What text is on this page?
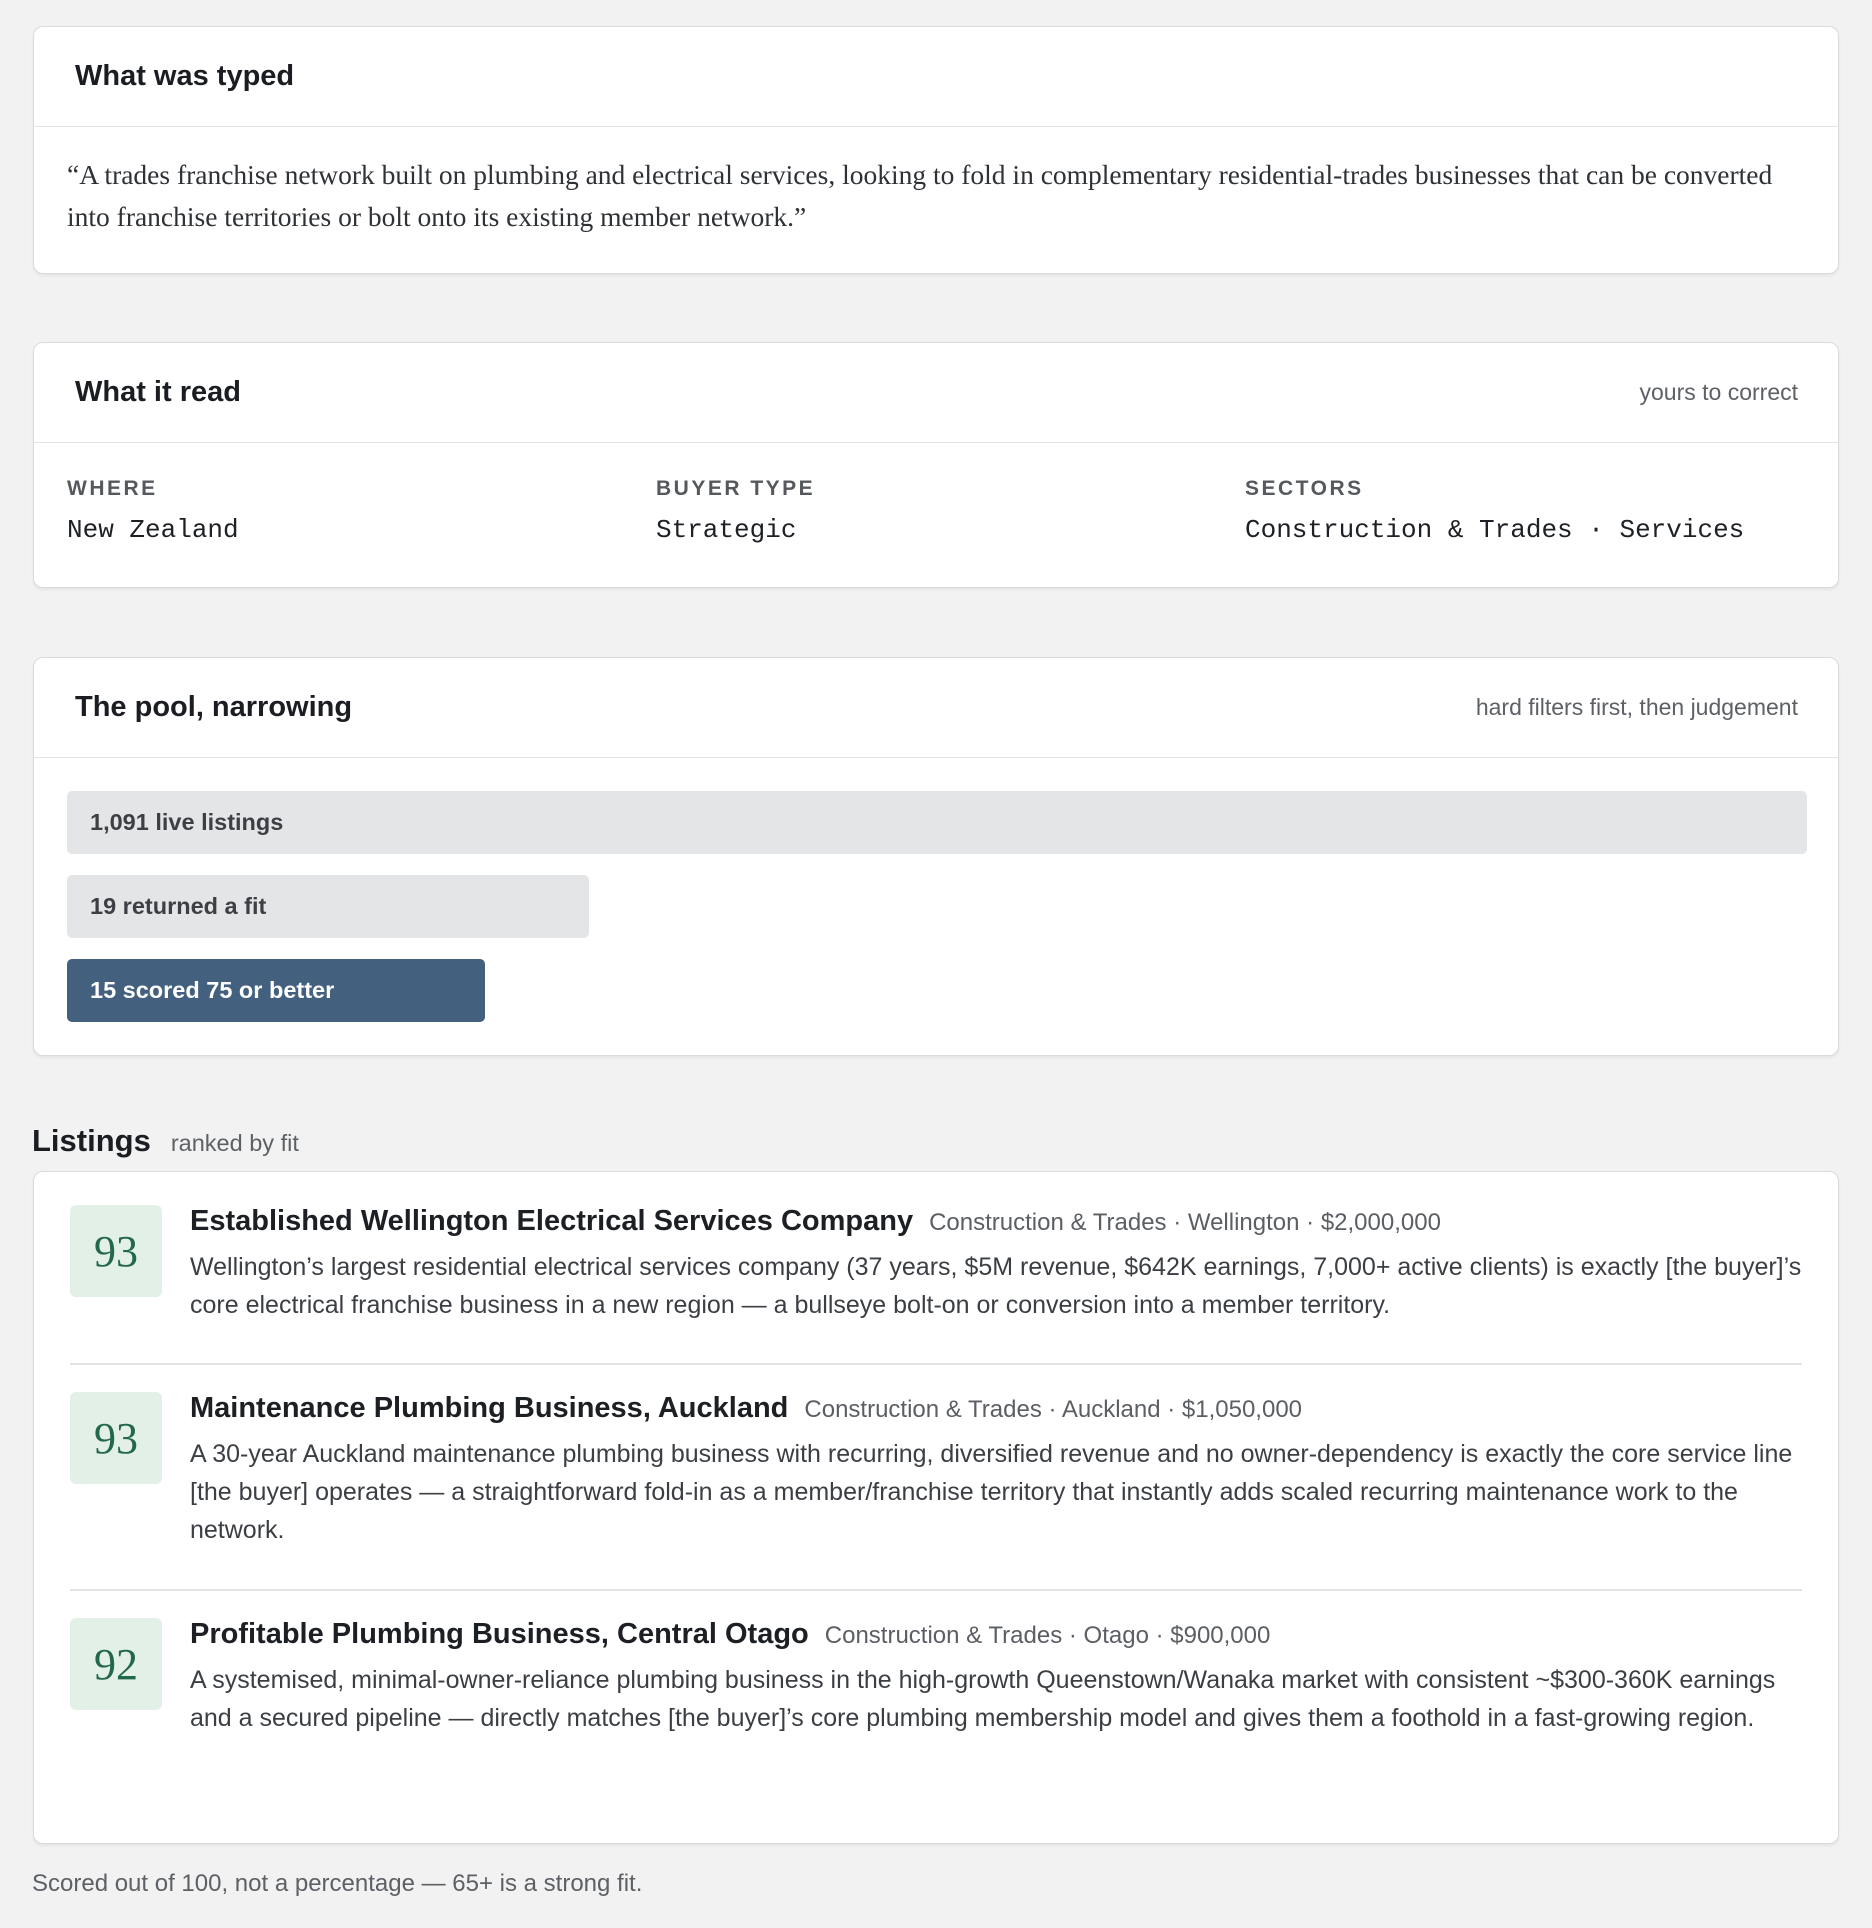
What was typed
“A trades franchise network built on plumbing and electrical services, looking to fold in complementary residential-trades businesses that can be converted into franchise territories or bolt onto its existing member network.”
What it read	yours to correct
WHERE
New Zealand
BUYER TYPE
Strategic
SECTORS
Construction & Trades · Services
The pool, narrowing	hard filters first, then judgement
1,091 live listings
19 returned a fit
15 scored 75 or better
Listings ranked by fit
93
Established Wellington Electrical Services Company Construction & Trades · Wellington · $2,000,000
Wellington’s largest residential electrical services company (37 years, $5M revenue, $642K earnings, 7,000+ active clients) is exactly [the buyer]’s core electrical franchise business in a new region — a bullseye bolt-on or conversion into a member territory.
93
Maintenance Plumbing Business, Auckland Construction & Trades · Auckland · $1,050,000
A 30-year Auckland maintenance plumbing business with recurring, diversified revenue and no owner-dependency is exactly the core service line [the buyer] operates — a straightforward fold-in as a member/franchise territory that instantly adds scaled recurring maintenance work to the network.
92
Profitable Plumbing Business, Central Otago Construction & Trades · Otago · $900,000
A systemised, minimal-owner-reliance plumbing business in the high-growth Queenstown/Wanaka market with consistent ~$300-360K earnings and a secured pipeline — directly matches [the buyer]’s core plumbing membership model and gives them a foothold in a fast-growing region.
Scored out of 100, not a percentage — 65+ is a strong fit.
